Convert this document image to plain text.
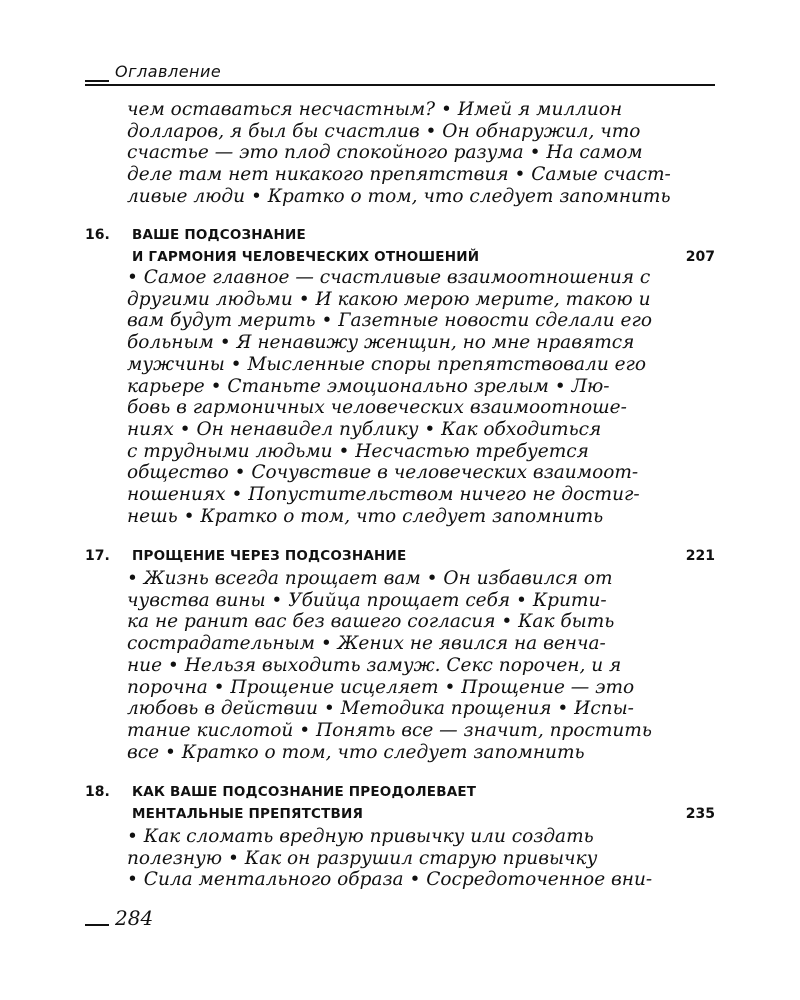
Оглавление
чем оставаться несчастным? • Имей я миллион
долларов, я был бы счастлив • Он обнаружил, что
счастье — это плод спокойного разума • На самом
деле там нет никакого препятствия • Самые счаст-
ливые люди • Кратко о том, что следует запомнить
16. ВАШЕ ПОДСОЗНАНИЕ
И ГАРМОНИЯ ЧЕЛОВЕЧЕСКИХ ОТНОШЕНИЙ	207
• Самое главное — счастливые взаимоотношения с
другими людьми • И какою мерою мерите, такою и
вам будут мерить • Газетные новости сделали его
больным • Я ненавижу женщин, но мне нравятся
мужчины • Мысленные споры препятствовали его
карьере • Станьте эмоционально зрелым • Лю-
бовь в гармоничных человеческих взаимоотноше-
ниях • Он ненавидел публику • Как обходиться
с трудными людьми • Несчастью требуется
общество • Сочувствие в человеческих взаимоот-
ношениях • Попустительством ничего не достиг-
нешь • Кратко о том, что следует запомнить
17. ПРОЩЕНИЕ ЧЕРЕЗ ПОДСОЗНАНИЕ	221
• Жизнь всегда прощает вам • Он избавился от
чувства вины • Убийца прощает себя • Крити-
ка не ранит вас без вашего согласия • Как быть
сострадательным • Жених не явился на венча-
ние • Нельзя выходить замуж. Секс порочен, и я
порочна • Прощение исцеляет • Прощение — это
любовь в действии • Методика прощения • Испы-
тание кислотой • Понять все — значит, простить
все • Кратко о том, что следует запомнить
18. КАК ВАШЕ ПОДСОЗНАНИЕ ПРЕОДОЛЕВАЕТ
МЕНТАЛЬНЫЕ ПРЕПЯТСТВИЯ	235
• Как сломать вредную привычку или создать
полезную • Как он разрушил старую привычку
• Сила ментального образа • Сосредоточенное вни-
284
